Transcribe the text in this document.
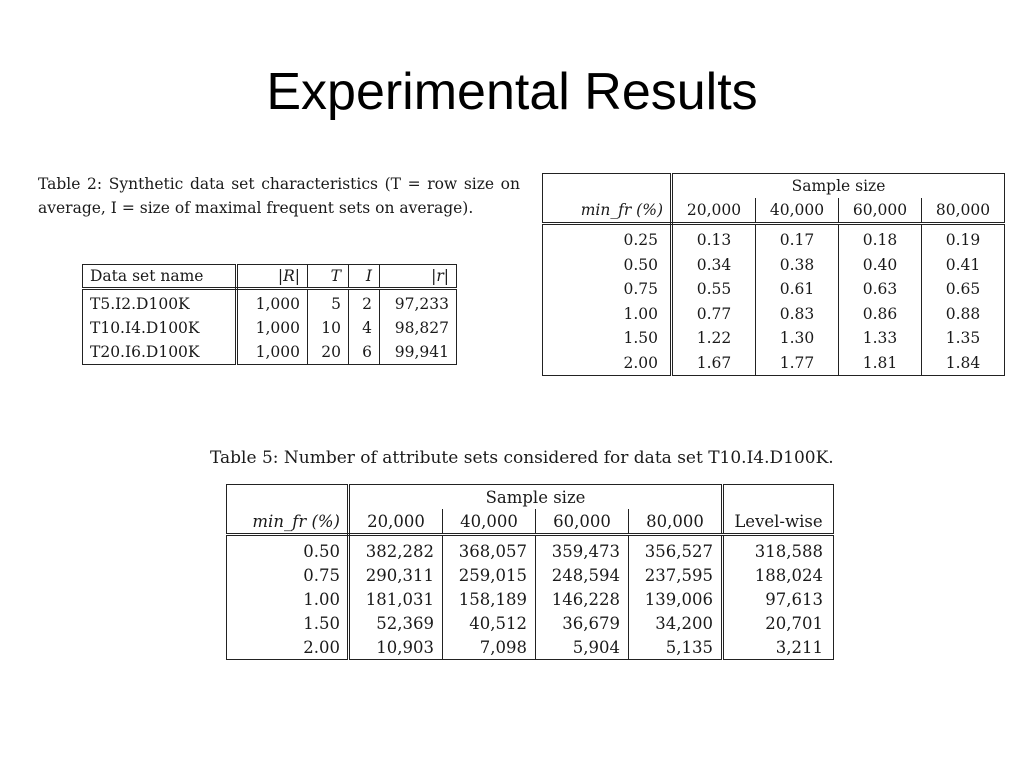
Experimental Results
Table 2: Synthetic data set characteristics (T = row size on average, I = size of maximal frequent sets on average).
Data set name	|R|	T	I	|r|
T5.I2.D100K	1,000	5	2	97,233
T10.I4.D100K	1,000	10	4	98,827
T20.I6.D100K	1,000	20	6	99,941
	Sample size			
min_fr (%)	20,000	40,000	60,000	80,000
0.25	0.13	0.17	0.18	0.19
0.50	0.34	0.38	0.40	0.41
0.75	0.55	0.61	0.63	0.65
1.00	0.77	0.83	0.86	0.88
1.50	1.22	1.30	1.33	1.35
2.00	1.67	1.77	1.81	1.84
Table 5: Number of attribute sets considered for data set T10.I4.D100K.
	Sample size				
min_fr (%)	20,000	40,000	60,000	80,000	Level-wise
0.50	382,282	368,057	359,473	356,527	318,588
0.75	290,311	259,015	248,594	237,595	188,024
1.00	181,031	158,189	146,228	139,006	97,613
1.50	52,369	40,512	36,679	34,200	20,701
2.00	10,903	7,098	5,904	5,135	3,211
